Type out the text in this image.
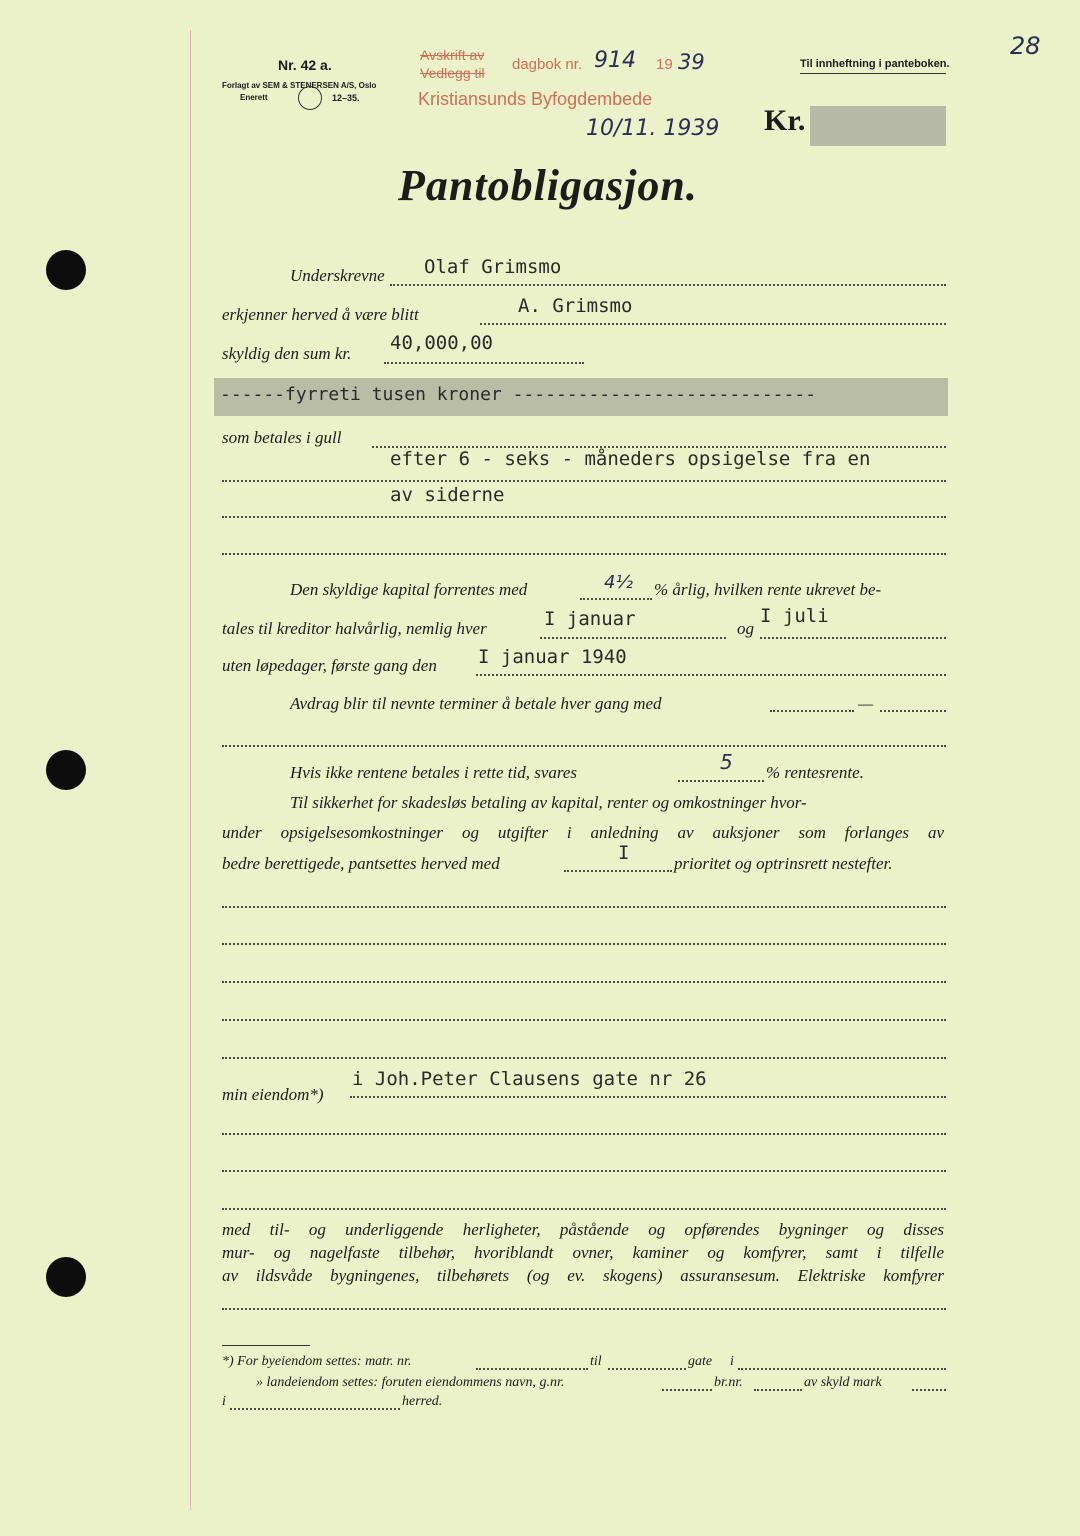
28
Nr. 42 a.
Forlagt av SEM & STENERSEN A/S, Oslo
Enerett	12–35.
Avskrift av
Vedlegg til dagbok nr. 914 19 39
Kristiansunds Byfogdembede
10/11. 1939
Til innheftning i panteboken.
Kr.
Pantobligasjon.
Underskrevne Olaf Grimsmo
erkjenner herved å være blitt	A. Grimsmo
skyldig den sum kr. 40,000,00
------fyrreti tusen kroner ----------------------------
som betales i gull
efter 6 - seks - måneders opsigelse fra en
av siderne
Den skyldige kapital forrentes med	4½ % årlig, hvilken rente ukrevet be-
tales til kreditor halvårlig, nemlig hver	I januar	og
I juli
uten løpedager, første gang den I januar 1940
Avdrag blir til nevnte terminer å betale hver gang med	—
Hvis ikke rentene betales i rette tid, svares	5 % rentesrente.
Til sikkerhet for skadesløs betaling av kapital, renter og omkostninger hvor-
under opsigelsesomkostninger og utgifter i anledning av auksjoner som forlanges av
bedre berettigede, pantsettes herved med	I	prioritet og optrinsrett nestefter.
min eiendom*)
i Joh.Peter Clausens gate nr 26
med til- og underliggende herligheter, påstående og opførendes bygninger og disses
mur- og nagelfaste tilbehør, hvoriblandt ovner, kaminer og komfyrer, samt i tilfelle
av ildsvåde bygningenes, tilbehørets (og ev. skogens) assuransesum. Elektriske komfyrer
*) For byeiendom settes: matr. nr.	til	gate i
» landeiendom settes: foruten eiendommens navn, g.nr.	br.nr.	av skyld mark
i	herred.
